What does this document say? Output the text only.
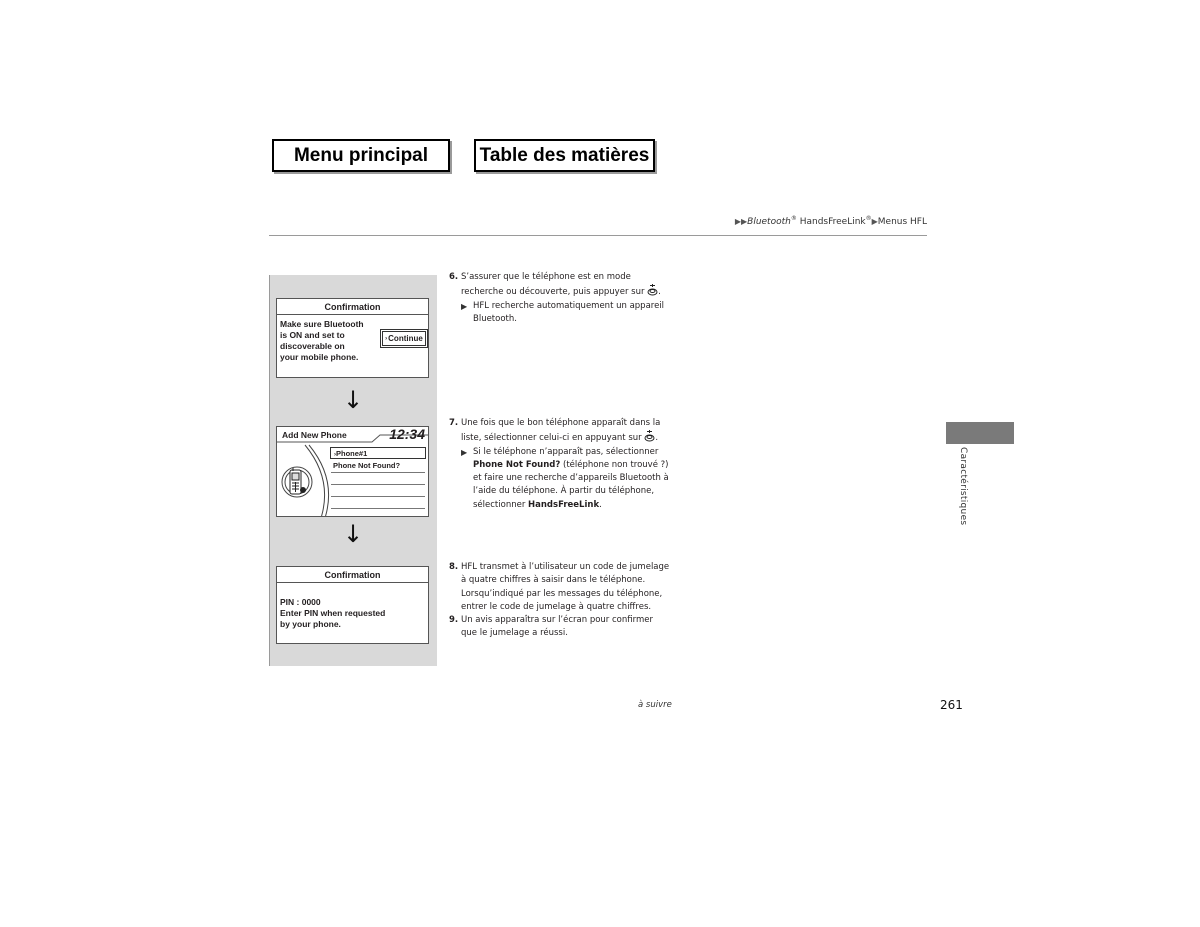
Menu principal	Table des matières
▶▶Bluetooth® HandsFreeLink®▶Menus HFL
Confirmation
Make sure Bluetooth
is ON and set to
discoverable on
your mobile phone.
› Continue
↓
Add New Phone	12:34
›Phone#1
Phone Not Found?
↓
Confirmation
PIN : 0000
Enter PIN when requested
by your phone.
6. S’assurer que le téléphone est en mode recherche ou découverte, puis appuyer sur .
▶ HFL recherche automatiquement un appareil Bluetooth.
7. Une fois que le bon téléphone apparaît dans la liste, sélectionner celui-ci en appuyant sur .
▶ Si le téléphone n’apparaît pas, sélectionner Phone Not Found? (téléphone non trouvé ?) et faire une recherche d’appareils Bluetooth à l’aide du téléphone. À partir du téléphone, sélectionner HandsFreeLink.
8. HFL transmet à l’utilisateur un code de jumelage à quatre chiffres à saisir dans le téléphone. Lorsqu’indiqué par les messages du téléphone, entrer le code de jumelage à quatre chiffres.
9. Un avis apparaîtra sur l’écran pour confirmer que le jumelage a réussi.
Caractéristiques
à suivre	261
